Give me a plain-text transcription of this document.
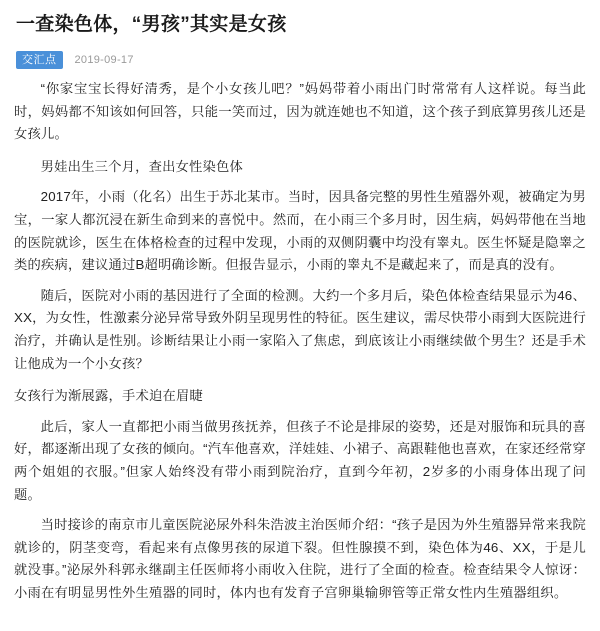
一查染色体，“男孩”其实是女孩
交汇点	2019-09-17

“你家宝宝长得好清秀，是个小女孩儿吧？”妈妈带着小雨出门时常常有人这样说。每当此时，妈妈都不知该如何回答，只能一笑而过，因为就连她也不知道，这个孩子到底算男孩儿还是女孩儿。

男娃出生三个月，查出女性染色体

2017年，小雨（化名）出生于苏北某市。当时，因具备完整的男性生殖器外观，被确定为男宝，一家人都沉浸在新生命到来的喜悦中。然而，在小雨三个多月时，因生病，妈妈带他在当地的医院就诊，医生在体格检查的过程中发现，小雨的双侧阴囊中均没有睾丸。医生怀疑是隐睾之类的疾病，建议通过B超明确诊断。但报告显示，小雨的睾丸不是藏起来了，而是真的没有。

随后，医院对小雨的基因进行了全面的检测。大约一个多月后，染色体检查结果显示为46、XX，为女性，性激素分泌异常导致外阴呈现男性的特征。医生建议，需尽快带小雨到大医院进行治疗，并确认是性别。诊断结果让小雨一家陷入了焦虑，到底该让小雨继续做个男生？还是手术让他成为一个小女孩？

女孩行为渐展露，手术迫在眉睫

此后，家人一直都把小雨当做男孩抚养，但孩子不论是排尿的姿势，还是对服饰和玩具的喜好，都逐渐出现了女孩的倾向。“汽车他喜欢，洋娃娃、小裙子、高跟鞋他也喜欢，在家还经常穿两个姐姐的衣服。”但家人始终没有带小雨到院治疗，直到今年初，2岁多的小雨身体出现了问题。

当时接诊的南京市儿童医院泌尿外科朱浩波主治医师介绍：“孩子是因为外生殖器异常来我院就诊的，阴茎变弯，看起来有点像男孩的尿道下裂。但性腺摸不到，染色体为46、XX，于是儿就没事。”泌尿外科郭永继副主任医师将小雨收入住院，进行了全面的检查。检查结果令人惊讶：小雨在有明显男性外生殖器的同时，体内也有发育子宫卵巢输卵管等正常女性内生殖器组织。
